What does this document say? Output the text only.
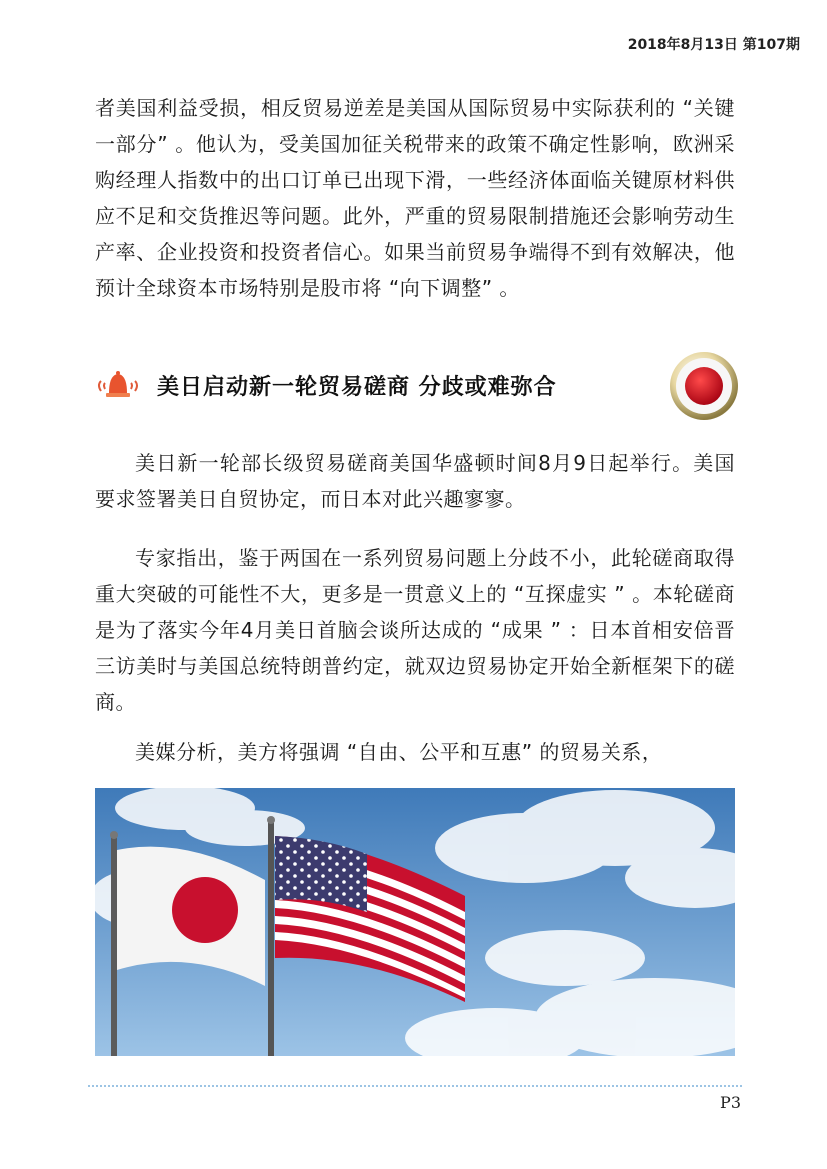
2018年8月13日 第107期
者美国利益受损，相反贸易逆差是美国从国际贸易中实际获利的 “关键一部分” 。他认为，受美国加征关税带来的政策不确定性影响，欧洲采购经理人指数中的出口订单已出现下滑，一些经济体面临关键原材料供应不足和交货推迟等问题。此外，严重的贸易限制措施还会影响劳动生产率、企业投资和投资者信心。如果当前贸易争端得不到有效解决，他预计全球资本市场特别是股市将 “向下调整” 。
美日启动新一轮贸易磋商 分歧或难弥合
美日新一轮部长级贸易磋商美国华盛顿时间8月9日起举行。美国要求签署美日自贸协定，而日本对此兴趣寥寥。
专家指出，鉴于两国在一系列贸易问题上分歧不小，此轮磋商取得重大突破的可能性不大，更多是一贯意义上的 “互探虚实 ” 。本轮磋商是为了落实今年4月美日首脑会谈所达成的 “成果 ” ：日本首相安倍晋三访美时与美国总统特朗普约定，就双边贸易协定开始全新框架下的磋商。
美媒分析，美方将强调 “自由、公平和互惠” 的贸易关系，
P3
